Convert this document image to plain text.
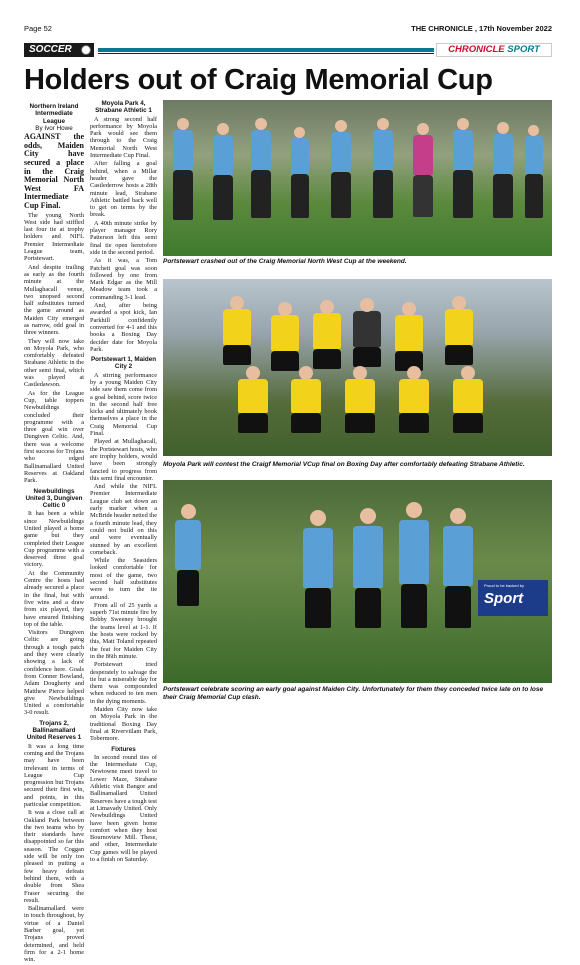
Page 52	THE CHRONICLE , 17th November 2022
SOCCER	CHRONICLE SPORT
Holders out of Craig Memorial Cup
Northern Ireland Intermediate League
By Ivor Howe

AGAINST the odds, Maiden City have secured a place in the Craig Memorial North West FA Intermediate Cup Final.

The young North West side had stiffled last four tie at trophy holders and NIFL Premier Intermediate League team, Portstewart.

And despite trailing as early as the fourth minute at the Mullaghacall venue, two unopsed second half substitutes turned the game around as Maiden City emerged as narrow, odd goal in three winners.

They will now take on Moyola Park, who comfortably defeated Strabane Athletic in the other semi final, which was played at Castledawson.

As for the League Cup, table toppers Newbuildings concluded their programme with a three goal win over Dungiven Celtic. And, there was a welcome first success for Trojans who edged Ballinamallard United Reserves at Oakland Park.

Newbuildings United 3, Dungiven Celtic 0

It has been a while since Newbuildings United played a home game but they completed their League Cup programme with a deserved three goal victory.

At the Community Centre the hosts had already secured a place in the final, but with five wins and a draw from six played, they have ensured finishing top of the table.

Visitors Dungiven Celtic are going through a tough patch and they were clearly showing a lack of confidence here. Goals from Conner Bowland, Adam Dougherty and Matthew Pierce helped give Newbuildings United a comfortable 3-0 result.

Trojans 2, Ballinamallard United Reserves 1

It was a long time coming and the Trojans may have been irrelevant in terms of League Cup progression but Trojans secured their first win, and points, in this particular competition.

It was a close call at Oakland Park between the two teams who by their standards have disappointed so far this season. The Coggan side will be only too pleased in putting a few heavy defeats behind them, with a double from Shea Fraser securing the result.

Ballinamallard were in touch throughout, by virtue of a Daniel Barber goal, yet Trojans proved determined, and held firm for a 2-1 home win.

Moyola Park 4, Strabane Athletic 1

A strong second half performance by Moyola Park would see them through to the Craig Memorial North West Intermediate Cup Final.

After falling a goal behind, when a Millar header gave the Castlederrow hosts a 28th minute lead, Strabane Athletic battled back well to get on terms by the break.

A 40th minute strike by player manager Rory Patterson left this semi final tie open heretofore side in the second period.

As it was, a Tom Patchett goal was soon followed by one from Mark Edgar as the Mill Meadow team took a commanding 3-1 lead.

And, after being awarded a spot kick, Ian Parkhill confidently converted for 4-1 and this books a Boxing Day decider date for Moyola Park.

Portstewart 1, Maiden City 2

A stirring performance by a young Maiden City side saw them come from a goal behind, score twice in the second half free kicks and ultimately book themselves a place in the Craig Memorial Cup Final.

Played at Mullaghacall, the Portstewart hosts, who are trophy holders, would have been strongly fancied to progress from this semi final encounter.

And while the NIFL Premier Intermediate League club set down an early marker when a McBride header netted the a fourth minute lead, they could not build on this and were eventually stunned by an excellent comeback.

While the Seasiders looked comfortable for most of the game, two second half substitutes were to turn the tie around.

From all of 25 yards a superb 71st minute fire by Bobby Sweeney brought the teams level at 1-1. If the hosts were rocked by this, Matt Toland repeated the feat for Maiden City in the 86th minute.

Portstewart tried desperately to salvage the tie but a miserable day for them was compounded when reduced to ten men in the dying moments.

Maiden City now take on Moyola Park in the traditional Boxing Day final at Riverviilam Park, Tobermore.

Fixtures

In second round ties of the Intermediate Cup, Newtowne meet travel to Lower Maze, Strabane Athletic visit Bangor and Ballinamallard United Reserves have a tough test at Limavady United. Only Newbuildings United have been given home comfort when they host Bournoview Mill. These, and other, Intermediate Cup games will be played to a finish on Saturday.

Portstewart crashed out of the Craig Memorial North West Cup at the weekend.
Moyola Park will contest the Craigf Memorial VCup final on Boxing Day after comfortably defeating Strabane Athletic.
Proud to be backed by
Sport
Portstewart celebrate scoring an early goal against Maiden City. Unfortunately for them they conceded twice late on to lose their Craig Memorial Cup clash.
